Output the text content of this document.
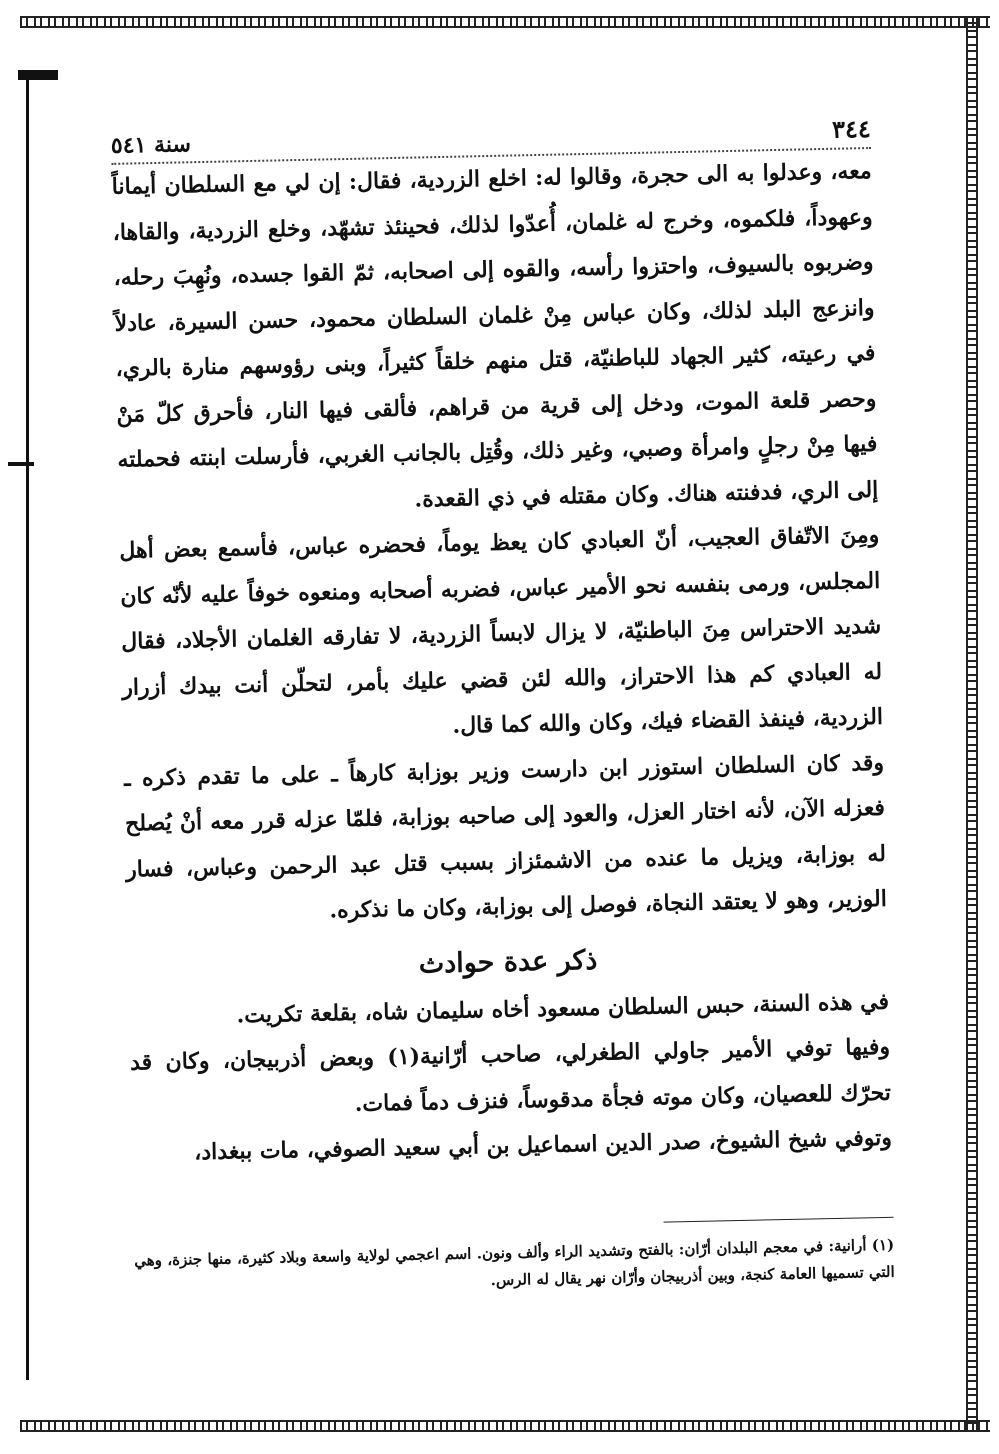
٣٤٤
سنة ٥٤١

معه، وعدلوا به الى حجرة، وقالوا له: اخلع الزردية، فقال: إن لي مع السلطان أيماناً وعهوداً، فلكموه، وخرج له غلمان، أُعدّوا لذلك، فحينئذ تشهّد، وخلع الزردية، والقاها، وضربوه بالسيوف، واحتزوا رأسه، والقوه إلى اصحابه، ثمّ القوا جسده، ونُهِبَ رحله، وانزعج البلد لذلك، وكان عباس مِنْ غلمان السلطان محمود، حسن السيرة، عادلاً في رعيته، كثير الجهاد للباطنيّة، قتل منهم خلقاً كثيراً، وبنى رؤوسهم منارة بالري، وحصر قلعة الموت، ودخل إلى قرية من قراهم، فألقى فيها النار، فأحرق كلّ مَنْ فيها مِنْ رجلٍ وامرأة وصبي، وغير ذلك، وقُتِل بالجانب الغربي، فأرسلت ابنته فحملته إلى الري، فدفنته هناك. وكان مقتله في ذي القعدة.

ومِنَ الاتّفاق العجيب، أنّ العبادي كان يعظ يوماً، فحضره عباس، فأسمع بعض أهل المجلس، ورمى بنفسه نحو الأمير عباس، فضربه أصحابه ومنعوه خوفاً عليه لأنّه كان شديد الاحتراس مِنَ الباطنيّة، لا يزال لابساً الزردية، لا تفارقه الغلمان الأجلاد، فقال له العبادي كم هذا الاحتراز، والله لئن قضي عليك بأمر، لتحلّن أنت بيدك أزرار الزردية، فينفذ القضاء فيك، وكان والله كما قال.

وقد كان السلطان استوزر ابن دارست وزير بوزابة كارهاً ـ على ما تقدم ذكره ـ فعزله الآن، لأنه اختار العزل، والعود إلى صاحبه بوزابة، فلمّا عزله قرر معه أنْ يُصلح له بوزابة، ويزيل ما عنده من الاشمئزاز بسبب قتل عبد الرحمن وعباس، فسار الوزير، وهو لا يعتقد النجاة، فوصل إلى بوزابة، وكان ما نذكره.

ذكر عدة حوادث

في هذه السنة، حبس السلطان مسعود أخاه سليمان شاه، بقلعة تكريت.

وفيها توفي الأمير جاولي الطغرلي، صاحب أرّانية(١) وبعض أذربيجان، وكان قد تحرّك للعصيان، وكان موته فجأة مدقوساً، فنزف دماً فمات.

وتوفي شيخ الشيوخ، صدر الدين اسماعيل بن أبي سعيد الصوفي، مات ببغداد،

(١) أرانية: في معجم البلدان أرّان: بالفتح وتشديد الراء وألف ونون. اسم اعجمي لولاية واسعة وبلاد كثيرة، منها جنزة، وهي التي تسميها العامة كنجة، وبين أذربيجان وأرّان نهر يقال له الرس.
